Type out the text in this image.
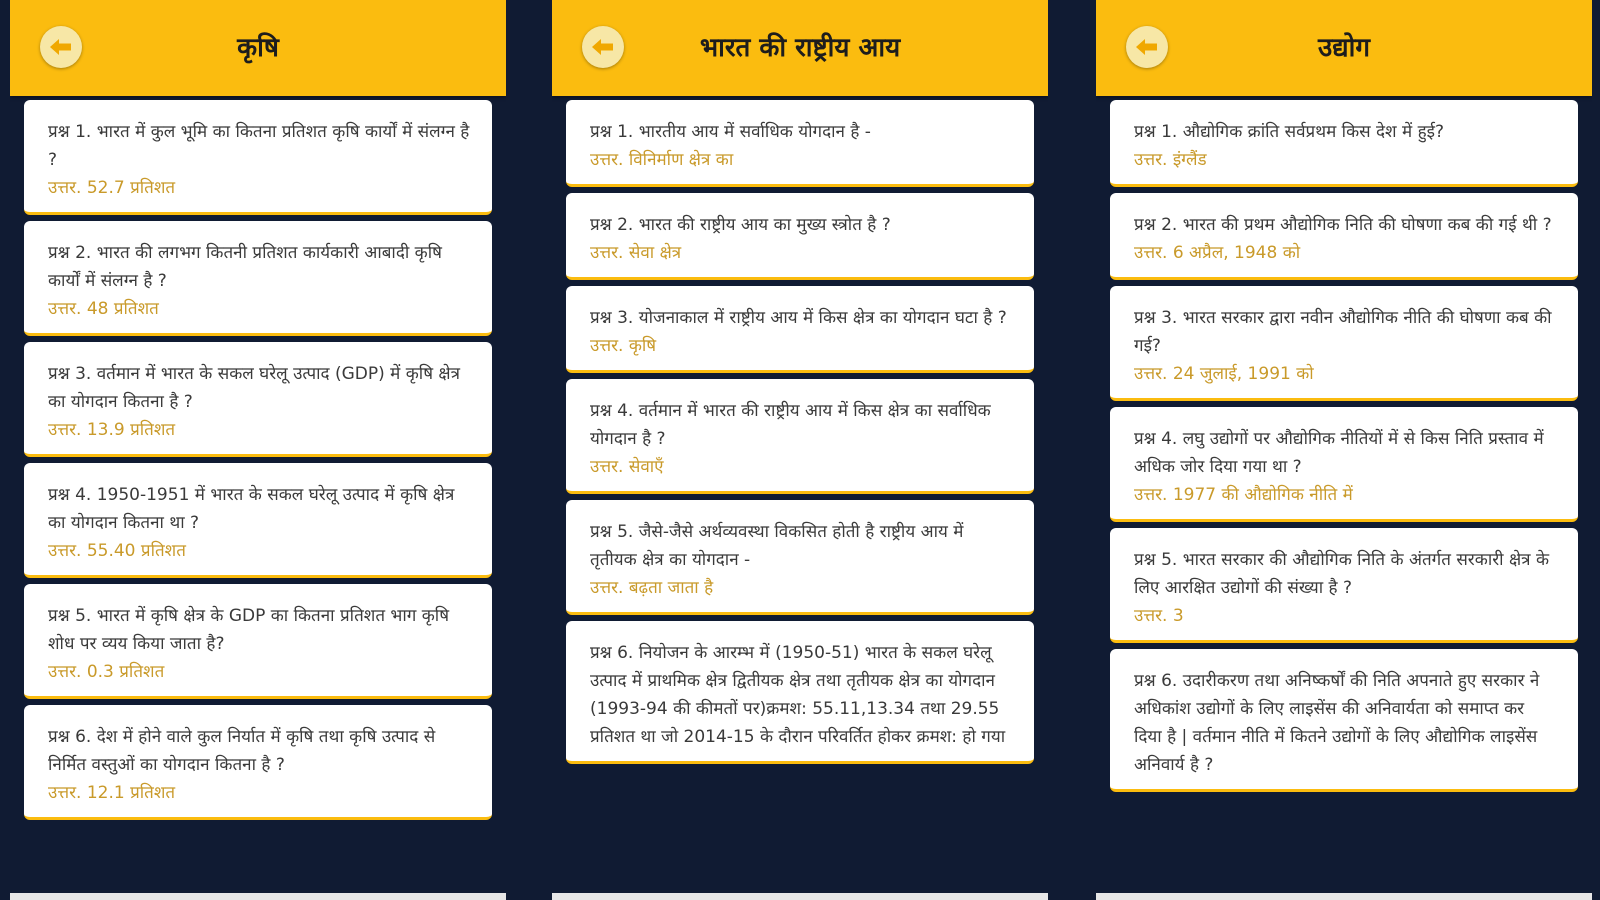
कृषि
प्रश्न 1. भारत में कुल भूमि का कितना प्रतिशत कृषि कार्यों में संलग्न है ?
उत्तर. 52.7 प्रतिशत
प्रश्न 2. भारत की लगभग कितनी प्रतिशत कार्यकारी आबादी कृषि कार्यों में संलग्न है ?
उत्तर. 48 प्रतिशत
प्रश्न 3. वर्तमान में भारत के सकल घरेलू उत्पाद (GDP) में कृषि क्षेत्र का योगदान कितना है ?
उत्तर. 13.9 प्रतिशत
प्रश्न 4. 1950-1951 में भारत के सकल घरेलू उत्पाद में कृषि क्षेत्र का योगदान कितना था ?
उत्तर. 55.40 प्रतिशत
प्रश्न 5. भारत में कृषि क्षेत्र के GDP का कितना प्रतिशत भाग कृषि शोध पर व्यय किया जाता है?
उत्तर. 0.3 प्रतिशत
प्रश्न 6. देश में होने वाले कुल निर्यात में कृषि तथा कृषि उत्पाद से निर्मित वस्तुओं का योगदान कितना है ?
उत्तर. 12.1 प्रतिशत
भारत की राष्ट्रीय आय
प्रश्न 1. भारतीय आय में सर्वाधिक योगदान है -
उत्तर. विनिर्माण क्षेत्र का
प्रश्न 2. भारत की राष्ट्रीय आय का मुख्य स्त्रोत है ?
उत्तर. सेवा क्षेत्र
प्रश्न 3. योजनाकाल में राष्ट्रीय आय में किस क्षेत्र का योगदान घटा है ?
उत्तर. कृषि
प्रश्न 4. वर्तमान में भारत की राष्ट्रीय आय में किस क्षेत्र का सर्वाधिक योगदान है ?
उत्तर. सेवाएँ
प्रश्न 5. जैसे-जैसे अर्थव्यवस्था विकसित होती है राष्ट्रीय आय में तृतीयक क्षेत्र का योगदान -
उत्तर. बढ़ता जाता है
प्रश्न 6. नियोजन के आरम्भ में (1950-51) भारत के सकल घरेलू उत्पाद में प्राथमिक क्षेत्र द्वितीयक क्षेत्र तथा तृतीयक क्षेत्र का योगदान (1993-94 की कीमतों पर)क्रमश: 55.11,13.34 तथा 29.55 प्रतिशत था जो 2014-15 के दौरान परिवर्तित होकर क्रमश: हो गया
उद्योग
प्रश्न 1. औद्योगिक क्रांति सर्वप्रथम किस देश में हुई?
उत्तर. इंग्लैंड
प्रश्न 2. भारत की प्रथम औद्योगिक निति की घोषणा कब की गई थी ?
उत्तर. 6 अप्रैल, 1948 को
प्रश्न 3. भारत सरकार द्वारा नवीन औद्योगिक नीति की घोषणा कब की गई?
उत्तर. 24 जुलाई, 1991 को
प्रश्न 4. लघु उद्योगों पर औद्योगिक नीतियों में से किस निति प्रस्ताव में अधिक जोर दिया गया था ?
उत्तर. 1977 की औद्योगिक नीति में
प्रश्न 5. भारत सरकार की औद्योगिक निति के अंतर्गत सरकारी क्षेत्र के लिए आरक्षित उद्योगों की संख्या है ?
उत्तर. 3
प्रश्न 6. उदारीकरण तथा अनिष्कर्षों की निति अपनाते हुए सरकार ने अधिकांश उद्योगों के लिए लाइसेंस की अनिवार्यता को समाप्त कर दिया है | वर्तमान नीति में कितने उद्योगों के लिए औद्योगिक लाइसेंस अनिवार्य है ?
